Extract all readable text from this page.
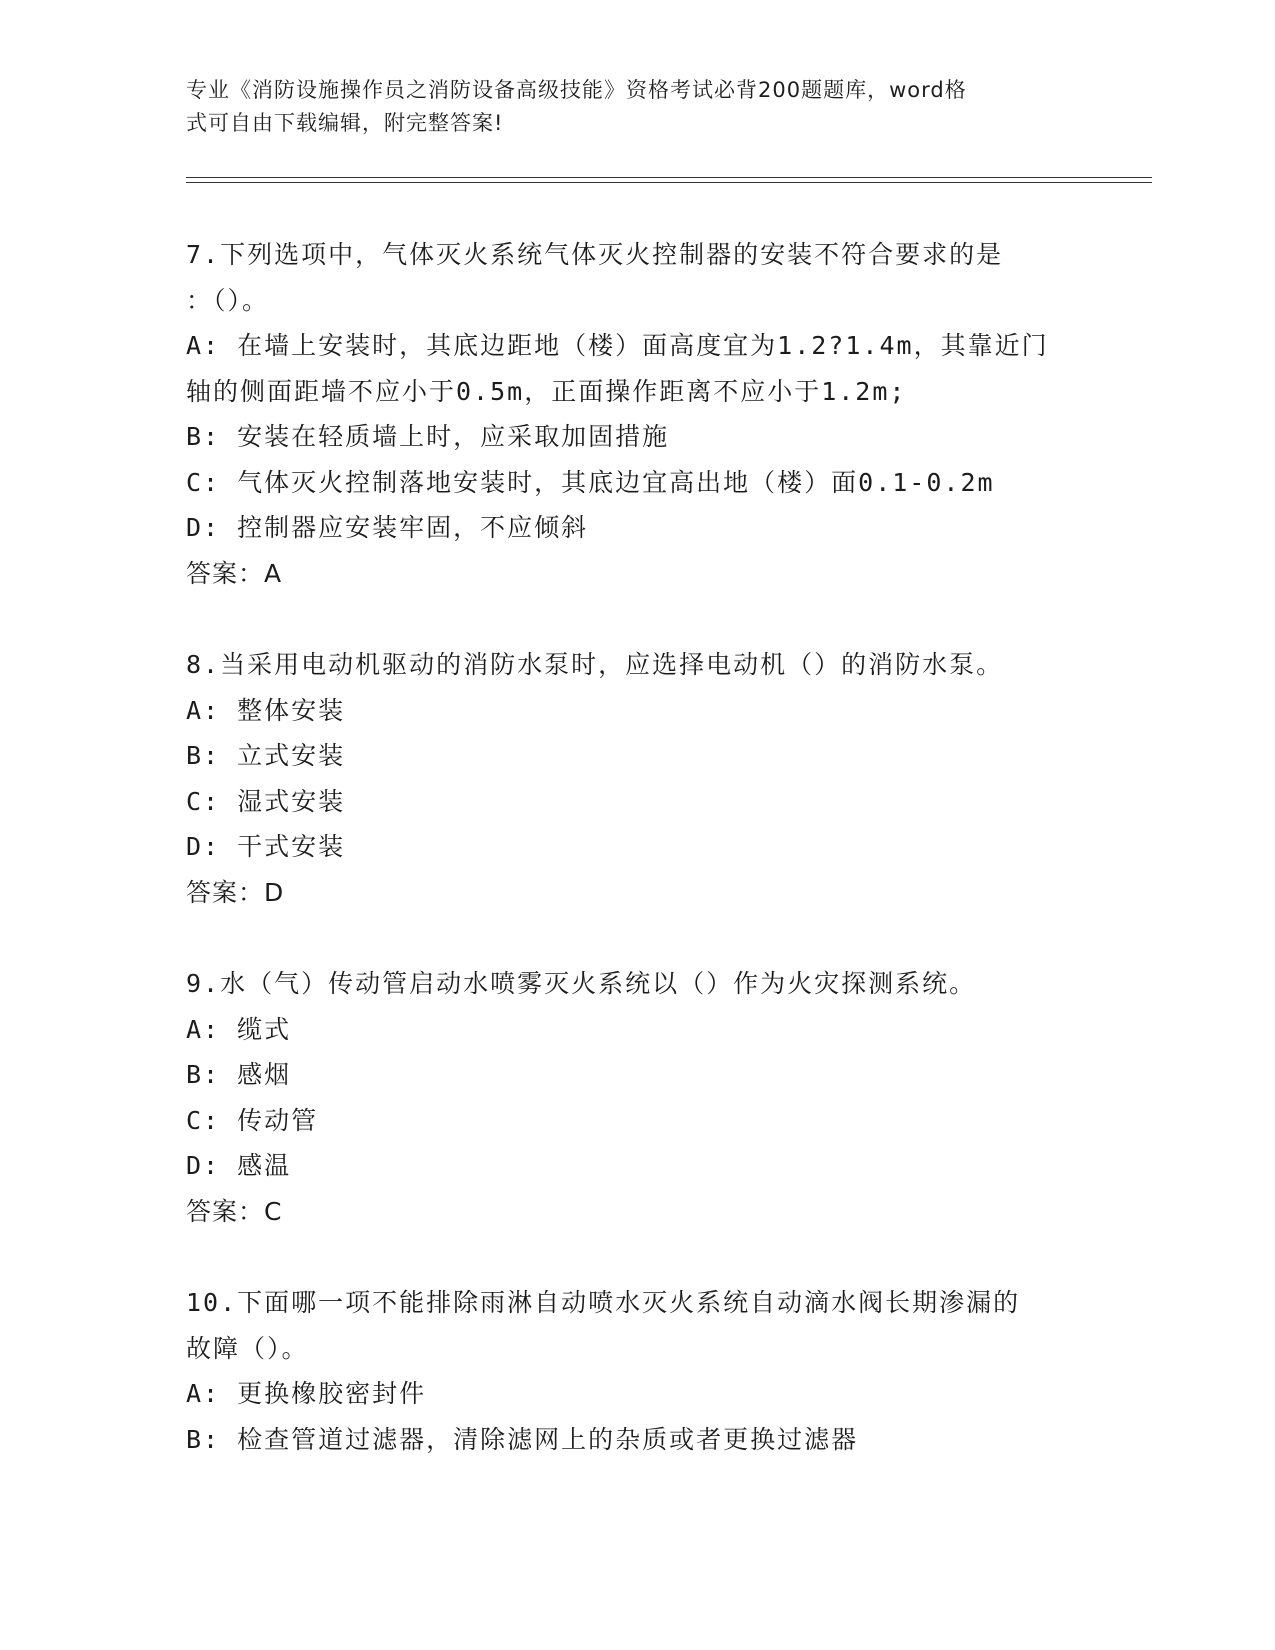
专业《消防设施操作员之消防设备高级技能》资格考试必背200题题库，word格
式可自由下载编辑，附完整答案!
7.下列选项中，气体灭火系统气体灭火控制器的安装不符合要求的是
：（）。
A: 在墙上安装时，其底边距地（楼）面高度宜为1.2?1.4m，其靠近门
轴的侧面距墙不应小于0.5m，正面操作距离不应小于1.2m;
B: 安装在轻质墙上时，应采取加固措施
C: 气体灭火控制落地安装时，其底边宜高出地（楼）面0.1-0.2m
D: 控制器应安装牢固，不应倾斜
答案：A
8.当采用电动机驱动的消防水泵时，应选择电动机（）的消防水泵。
A: 整体安装
B: 立式安装
C: 湿式安装
D: 干式安装
答案：D
9.水（气）传动管启动水喷雾灭火系统以（）作为火灾探测系统。
A: 缆式
B: 感烟
C: 传动管
D: 感温
答案：C
10.下面哪一项不能排除雨淋自动喷水灭火系统自动滴水阀长期渗漏的
故障（）。
A: 更换橡胶密封件
B: 检查管道过滤器，清除滤网上的杂质或者更换过滤器
